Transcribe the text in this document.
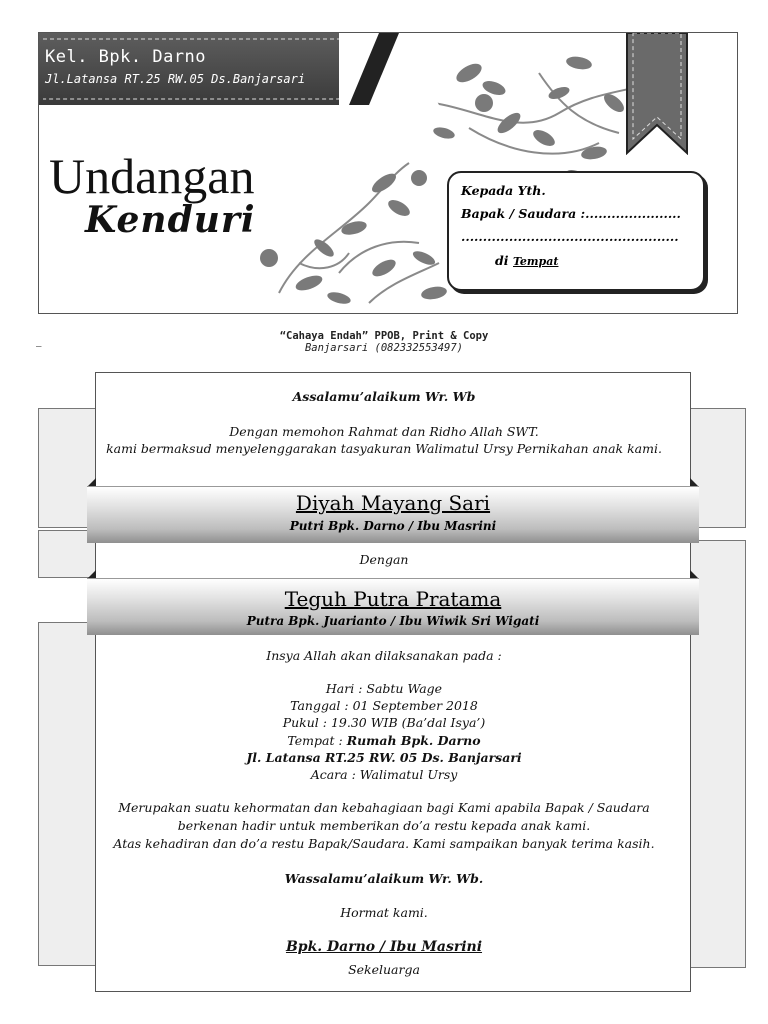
Kel. Bpk. Darno
Jl.Latansa RT.25 RW.05 Ds.Banjarsari
Undangan
Kenduri
Kepada Yth.
Bapak / Saudara :......................
..................................................
di Tempat
_	“Cahaya Endah” PPOB, Print & Copy
Banjarsari (082332553497)
Assalamu’alaikum Wr. Wb
Dengan memohon Rahmat dan Ridho Allah SWT.
kami bermaksud menyelenggarakan tasyakuran Walimatul Ursy Pernikahan anak kami.
Diyah Mayang Sari
Putri Bpk. Darno / Ibu Masrini
Dengan
Teguh Putra Pratama
Putra Bpk. Juarianto / Ibu Wiwik Sri Wigati
Insya Allah akan dilaksanakan pada :
Hari : Sabtu Wage
Tanggal : 01 September 2018
Pukul : 19.30 WIB (Ba’dal Isya’)
Tempat : Rumah Bpk. Darno
Jl. Latansa RT.25 RW. 05 Ds. Banjarsari
Acara : Walimatul Ursy
Merupakan suatu kehormatan dan kebahagiaan bagi Kami apabila Bapak / Saudara
berkenan hadir untuk memberikan do’a restu kepada anak kami.
Atas kehadiran dan do’a restu Bapak/Saudara. Kami sampaikan banyak terima kasih.
Wassalamu’alaikum Wr. Wb.
Hormat kami.
Bpk. Darno / Ibu Masrini
Sekeluarga
